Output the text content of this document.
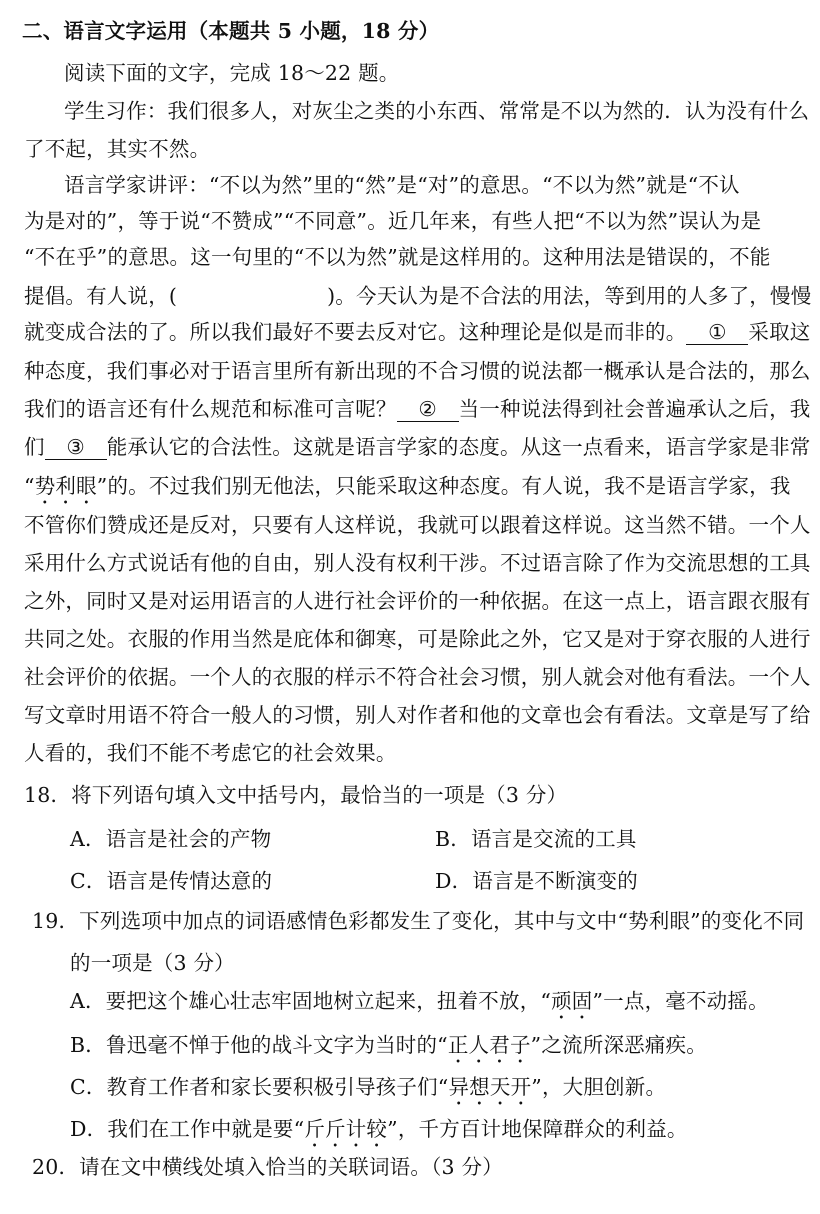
二、语言文字运用（本题共 5 小题，18 分）
阅读下面的文字，完成 18～22 题。
学生习作：我们很多人，对灰尘之类的小东西、常常是不以为然的．认为没有什么
了不起，其实不然。
语言学家讲评：“不以为然”里的“然”是“对”的意思。“不以为然”就是“不认
为是对的”，等于说“不赞成”“不同意”。近几年来，有些人把“不以为然”误认为是
“不在乎”的意思。这一句里的“不以为然”就是这样用的。这种用法是错误的，不能
提倡。有人说，(	)。今天认为是不合法的用法，等到用的人多了，慢慢
就变成合法的了。所以我们最好不要去反对它。这种理论是似是而非的。 ① 采取这
种态度，我们事必对于语言里所有新出现的不合习惯的说法都一概承认是合法的，那么
我们的语言还有什么规范和标准可言呢？ ② 当一种说法得到社会普遍承认之后，我
们 ③ 能承认它的合法性。这就是语言学家的态度。从这一点看来，语言学家是非常
“势利眼”的。不过我们别无他法，只能采取这种态度。有人说，我不是语言学家，我
不管你们赞成还是反对，只要有人这样说，我就可以跟着这样说。这当然不错。一个人
采用什么方式说话有他的自由，别人没有权利干涉。不过语言除了作为交流思想的工具
之外，同时又是对运用语言的人进行社会评价的一种依据。在这一点上，语言跟衣服有
共同之处。衣服的作用当然是庇体和御寒，可是除此之外，它又是对于穿衣服的人进行
社会评价的依据。一个人的衣服的样示不符合社会习惯，别人就会对他有看法。一个人
写文章时用语不符合一般人的习惯，别人对作者和他的文章也会有看法。文章是写了给
人看的，我们不能不考虑它的社会效果。
18．将下列语句填入文中括号内，最恰当的一项是（3 分）
A．语言是社会的产物	B．语言是交流的工具
C．语言是传情达意的	D．语言是不断演变的
19．下列选项中加点的词语感情色彩都发生了变化，其中与文中“势利眼”的变化不同
的一项是（3 分）
A．要把这个雄心壮志牢固地树立起来，扭着不放，“顽固”一点，毫不动摇。
B．鲁迅毫不惮于他的战斗文字为当时的“正人君子”之流所深恶痛疾。
C．教育工作者和家长要积极引导孩子们“异想天开”，大胆创新。
D．我们在工作中就是要“斤斤计较”，千方百计地保障群众的利益。
20．请在文中横线处填入恰当的关联词语。（3 分）
